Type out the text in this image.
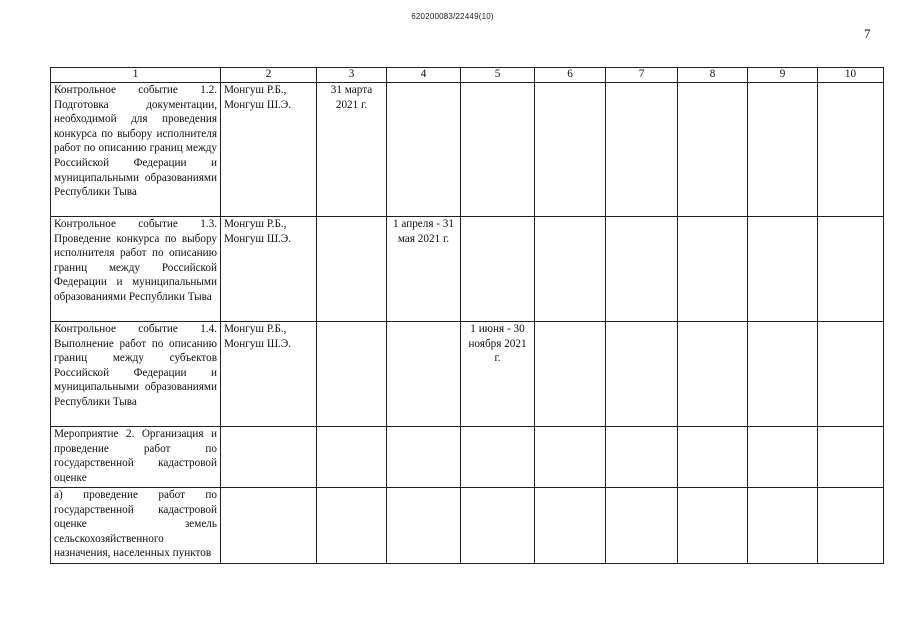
620200083/22449(10)
7
1	2	3	4	5	6	7	8	9	10
Контрольное событие 1.2. Подготовка документации, необходимой для проведения конкурса по выбору исполнителя работ по описанию границ между Российской Федерации и муниципальными образованиями Республики Тыва	Монгуш Р.Б., Монгуш Ш.Э.	31 марта 2021 г.							
Контрольное событие 1.3. Проведение конкурса по выбору исполнителя работ по описанию границ между Российской Федерации и муниципальными образованиями Республики Тыва	Монгуш Р.Б., Монгуш Ш.Э.		1 апреля - 31 мая 2021 г.						
Контрольное событие 1.4. Выполнение работ по описанию границ между субъектов Российской Федерации и муниципальными образованиями Республики Тыва	Монгуш Р.Б., Монгуш Ш.Э.			1 июня - 30 ноября 2021 г.					
Мероприятие 2. Организация и проведение работ по государственной кадастровой оценке									
а) проведение работ по государственной кадастровой оценке земель сельскохозяйственного назначения, населенных пунктов									
